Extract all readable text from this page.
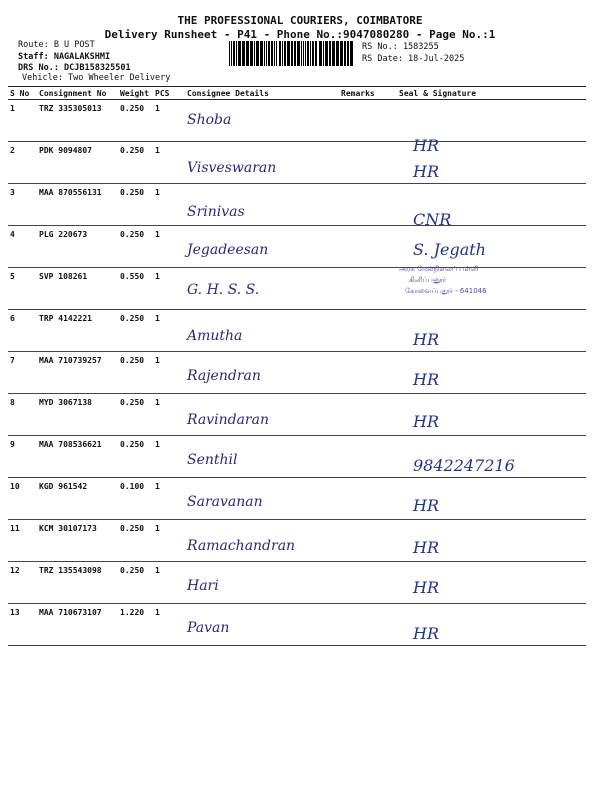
THE PROFESSIONAL COURIERS, COIMBATORE
Delivery Runsheet - P41 - Phone No.:9047080280 - Page No.:1
Route: B U POST
Staff: NAGALAKSHMI
DRS No.: DCJB158325501
Vehicle: Two Wheeler Delivery
RS No.: 1583255
RS Date: 18-Jul-2025
S No	Consignment No	Weight	PCS	Consignee Details	Remarks	Seal & Signature
1	TRZ 335305013	0.250	1	Shoba		HR
2	PDK 9094807	0.250	1	Visveswaran		HR
3	MAA 870556131	0.250	1	Srinivas		CNR
4	PLG 220673	0.250	1	Jegadeesan		S. Jegath
5	SVP 108261	0.550	1	G. H. S. S.		
6	TRP 4142221	0.250	1	Amutha		HR
7	MAA 710739257	0.250	1	Rajendran		HR
8	MYD 3067138	0.250	1	Ravindaran		HR
9	MAA 708536621	0.250	1	Senthil		9842247216
10	KGD 961542	0.100	1	Saravanan		HR
11	KCM 30107173	0.250	1	Ramachandran		HR
12	TRZ 135543098	0.250	1	Hari		HR
13	MAA 710673107	1.220	1	Pavan		HR
அரசு மேல்நிலைப் பள்ளி
கிளிப்பனூர்
கோவைப்புதூர் - 641046
